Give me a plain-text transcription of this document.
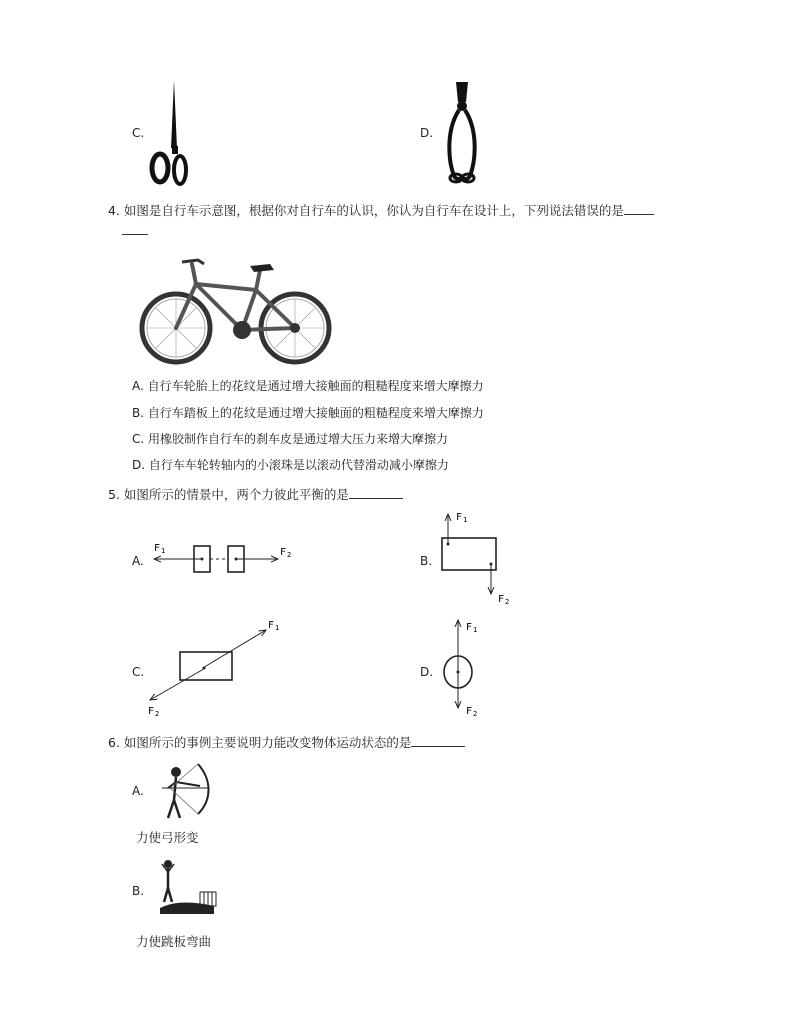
C.	D.
4. 如图是自行车示意图，根据你对自行车的认识，你认为自行车在设计上，下列说法错误的是
A. 自行车轮胎上的花纹是通过增大接触面的粗糙程度来增大摩擦力
B. 自行车踏板上的花纹是通过增大接触面的粗糙程度来增大摩擦力
C. 用橡胶制作自行车的刹车皮是通过增大压力来增大摩擦力
D. 自行车车轮转轴内的小滚珠是以滚动代替滑动减小摩擦力
5. 如图所示的情景中，两个力彼此平衡的是
A.
F 1	F 2	B.
F 1
F 2
C.
F 1
F 2
D.
F 1
F 2
6. 如图所示的事例主要说明力能改变物体运动状态的是
A.
力使弓形变
B.
力使跳板弯曲
